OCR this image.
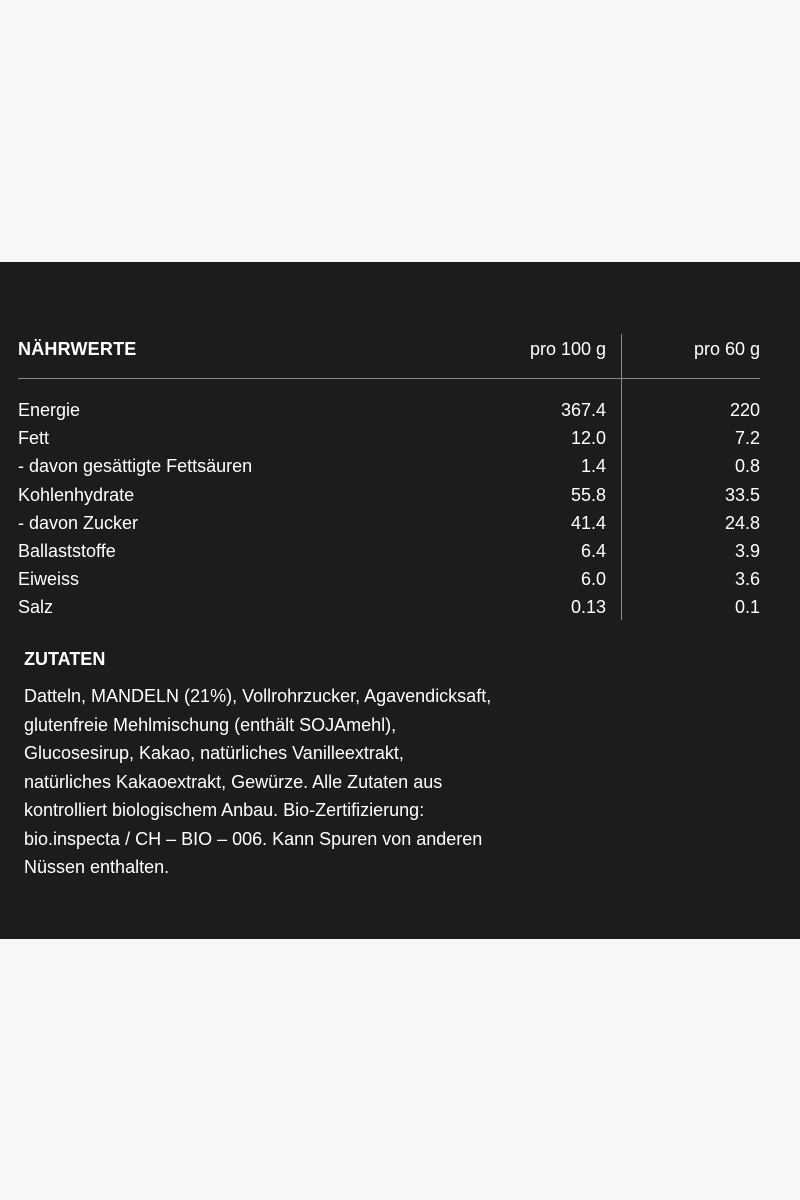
NÄHRWERTE	pro 100 g	pro 60 g
Energie	367.4	220
Fett	12.0	7.2
- davon gesättigte Fettsäuren	1.4	0.8
Kohlenhydrate	55.8	33.5
- davon Zucker	41.4	24.8
Ballaststoffe	6.4	3.9
Eiweiss	6.0	3.6
Salz	0.13	0.1
ZUTATEN
Datteln, MANDELN (21%), Vollrohrzucker, Agavendicksaft,
glutenfreie Mehlmischung (enthält SOJAmehl),
Glucosesirup, Kakao, natürliches Vanilleextrakt,
natürliches Kakaoextrakt, Gewürze. Alle Zutaten aus
kontrolliert biologischem Anbau. Bio-Zertifizierung:
bio.inspecta / CH – BIO – 006. Kann Spuren von anderen
Nüssen enthalten.
